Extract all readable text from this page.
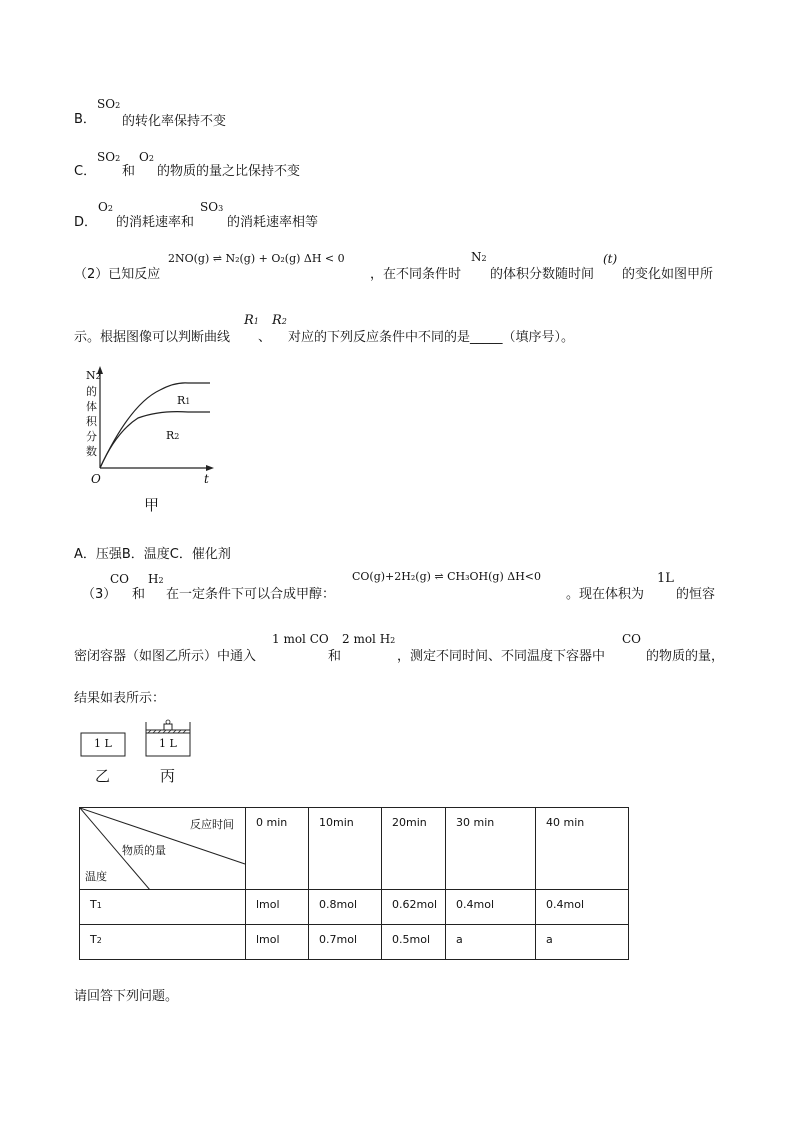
B．
SO2
的转化率保持不变
C．
SO2
和
O2
的物质的量之比保持不变
D．
O2
的消耗速率和
SO3
的消耗速率相等
（2）已知反应
2NO(g) ⇌ N₂(g) + O₂(g) ΔH < 0
，在不同条件时
N2
的体积分数随时间
(t)
的变化如图甲所
示。根据图像可以判断曲线
R1
、
R2
对应的下列反应条件中不同的是_____（填序号）。
N2
的
体
积
分
数
O	t
R1
R2
甲
A．压强B．温度C．催化剂
（3）
CO
和
H2
在一定条件下可以合成甲醇：
CO(g)+2H₂(g) ⇌ CH₃OH(g) ΔH<0
。现在体积为
1L
的恒容
密闭容器（如图乙所示）中通入
1 mol CO
和
2 mol H2
，测定不同时间、不同温度下容器中
CO
的物质的量，
结果如表所示：
1 L	1 L
乙	丙
反应时间
物质的量
温度	0 min	10min	20min	30 min	40 min
T1	lmol	0.8mol	0.62mol	0.4mol	0.4mol
T2	lmol	0.7mol	0.5mol	a	a
请回答下列问题。
